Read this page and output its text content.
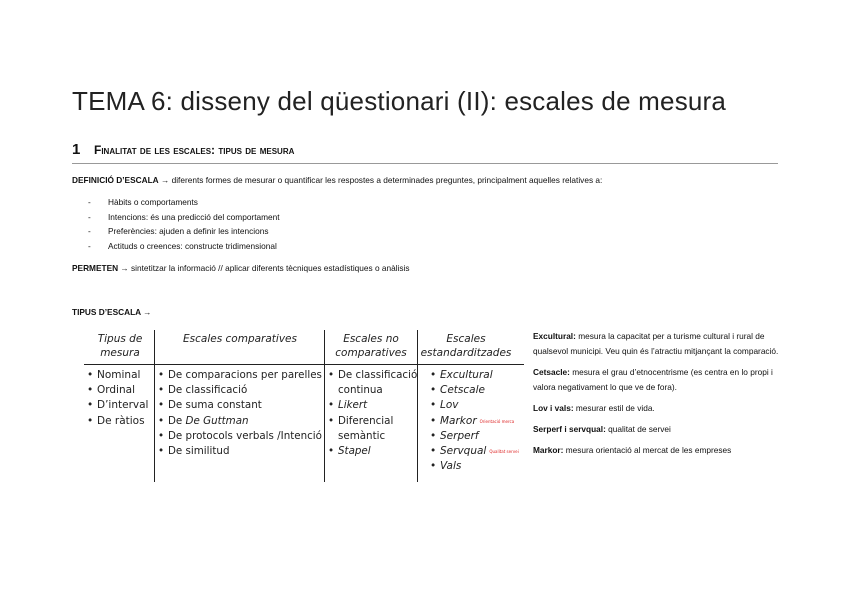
TEMA 6: disseny del qüestionari (II): escales de mesura
1 Finalitat de les escales: tipus de mesura
DEFINICIÓ D’ESCALA → diferents formes de mesurar o quantificar les respostes a determinades preguntes, principalment aquelles relatives a:
- Hàbits o comportaments
- Intencions: és una predicció del comportament
- Preferències: ajuden a definir les intencions
- Actituds o creences: constructe tridimensional
PERMETEN → sintetitzar la informació // aplicar diferents tècniques estadístiques o anàlisis
TIPUS D’ESCALA →
Tipus de mesura
Escales comparatives	Escales no comparatives
Escales estandarditzades
• Nominal
• Ordinal
• D’interval
• De ràtios
• De comparacions per parelles
• De classificació
• De suma constant
• De De Guttman
• De protocols verbals /Intenció
• De similitud
• De classificació
continua
• Likert
• Diferencial
semàntic
• Stapel
• Excultural
• Cetscale
• Lov
• Markor $^{Orientació merca}$
• Serperf
• Servqual $^{Qualitat servei}$
• Vals

Excultural: mesura la capacitat per a turisme cultural i rural de qualsevol municipi. Veu quin és l’atractiu mitjançant la comparació.

Cetsacle: mesura el grau d’etnocentrisme (es centra en lo propi i valora negativament lo que ve de fora).

Lov i vals: mesurar estil de vida.

Serperf i servqual: qualitat de servei

Markor: mesura orientació al mercat de les empreses
